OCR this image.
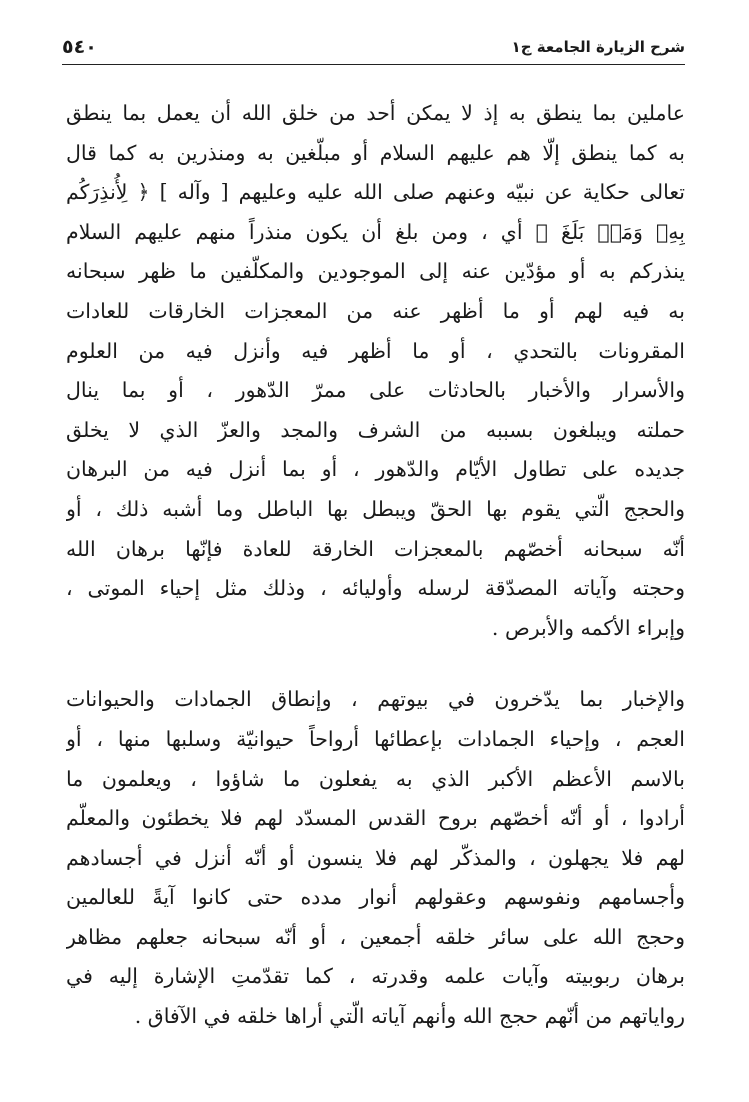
شرح الزيارة الجامعة ج١
٥٤٠
عاملين بما ينطق به إذ لا يمكن أحد من خلق الله أن يعمل بما ينطق
به كما ينطق إلّا هم عليهم السلام أو مبلّغين به ومنذرين به كما قال
تعالى حكاية عن نبيّه وعنهم صلى الله عليه وعليهم [ وآله ] ﴿ لِأُنذِرَكُم
بِهِۦ وَمَنۢ بَلَغَ ﴾ أي ، ومن بلغ أن يكون منذراً منهم عليهم السلام
ينذركم به أو مؤدّين عنه إلى الموجودين والمكلّفين ما ظهر سبحانه
به فيه لهم أو ما أظهر عنه من المعجزات الخارقات للعادات
المقرونات بالتحدي ، أو ما أظهر فيه وأنزل فيه من العلوم
والأسرار والأخبار بالحادثات على ممرّ الدّهور ، أو بما ينال
حملته ويبلغون بسببه من الشرف والمجد والعزّ الذي لا يخلق
جديده على تطاول الأيّام والدّهور ، أو بما أنزل فيه من البرهان
والحجج الّتي يقوم بها الحقّ ويبطل بها الباطل وما أشبه ذلك ، أو
أنّه سبحانه أخصّهم بالمعجزات الخارقة للعادة فإنّها برهان الله
وحجته وآياته المصدّقة لرسله وأوليائه ، وذلك مثل إحياء الموتى ،
وإبراء الأكمه والأبرص .
والإخبار بما يدّخرون في بيوتهم ، وإنطاق الجمادات والحيوانات
العجم ، وإحياء الجمادات بإعطائها أرواحاً حيوانيّة وسلبها منها ، أو
بالاسم الأعظم الأكبر الذي به يفعلون ما شاؤوا ، ويعلمون ما
أرادوا ، أو أنّه أخصّهم بروح القدس المسدّد لهم فلا يخطئون والمعلّم
لهم فلا يجهلون ، والمذكّر لهم فلا ينسون أو أنّه أنزل في أجسادهم
وأجسامهم ونفوسهم وعقولهم أنوار مدده حتى كانوا آيةً للعالمين
وحجج الله على سائر خلقه أجمعين ، أو أنّه سبحانه جعلهم مظاهر
برهان ربوبيته وآيات علمه وقدرته ، كما تقدّمتِ الإشارة إليه في
رواياتهم من أنّهم حجج الله وأنهم آياته الّتي أراها خلقه في الآفاق .
